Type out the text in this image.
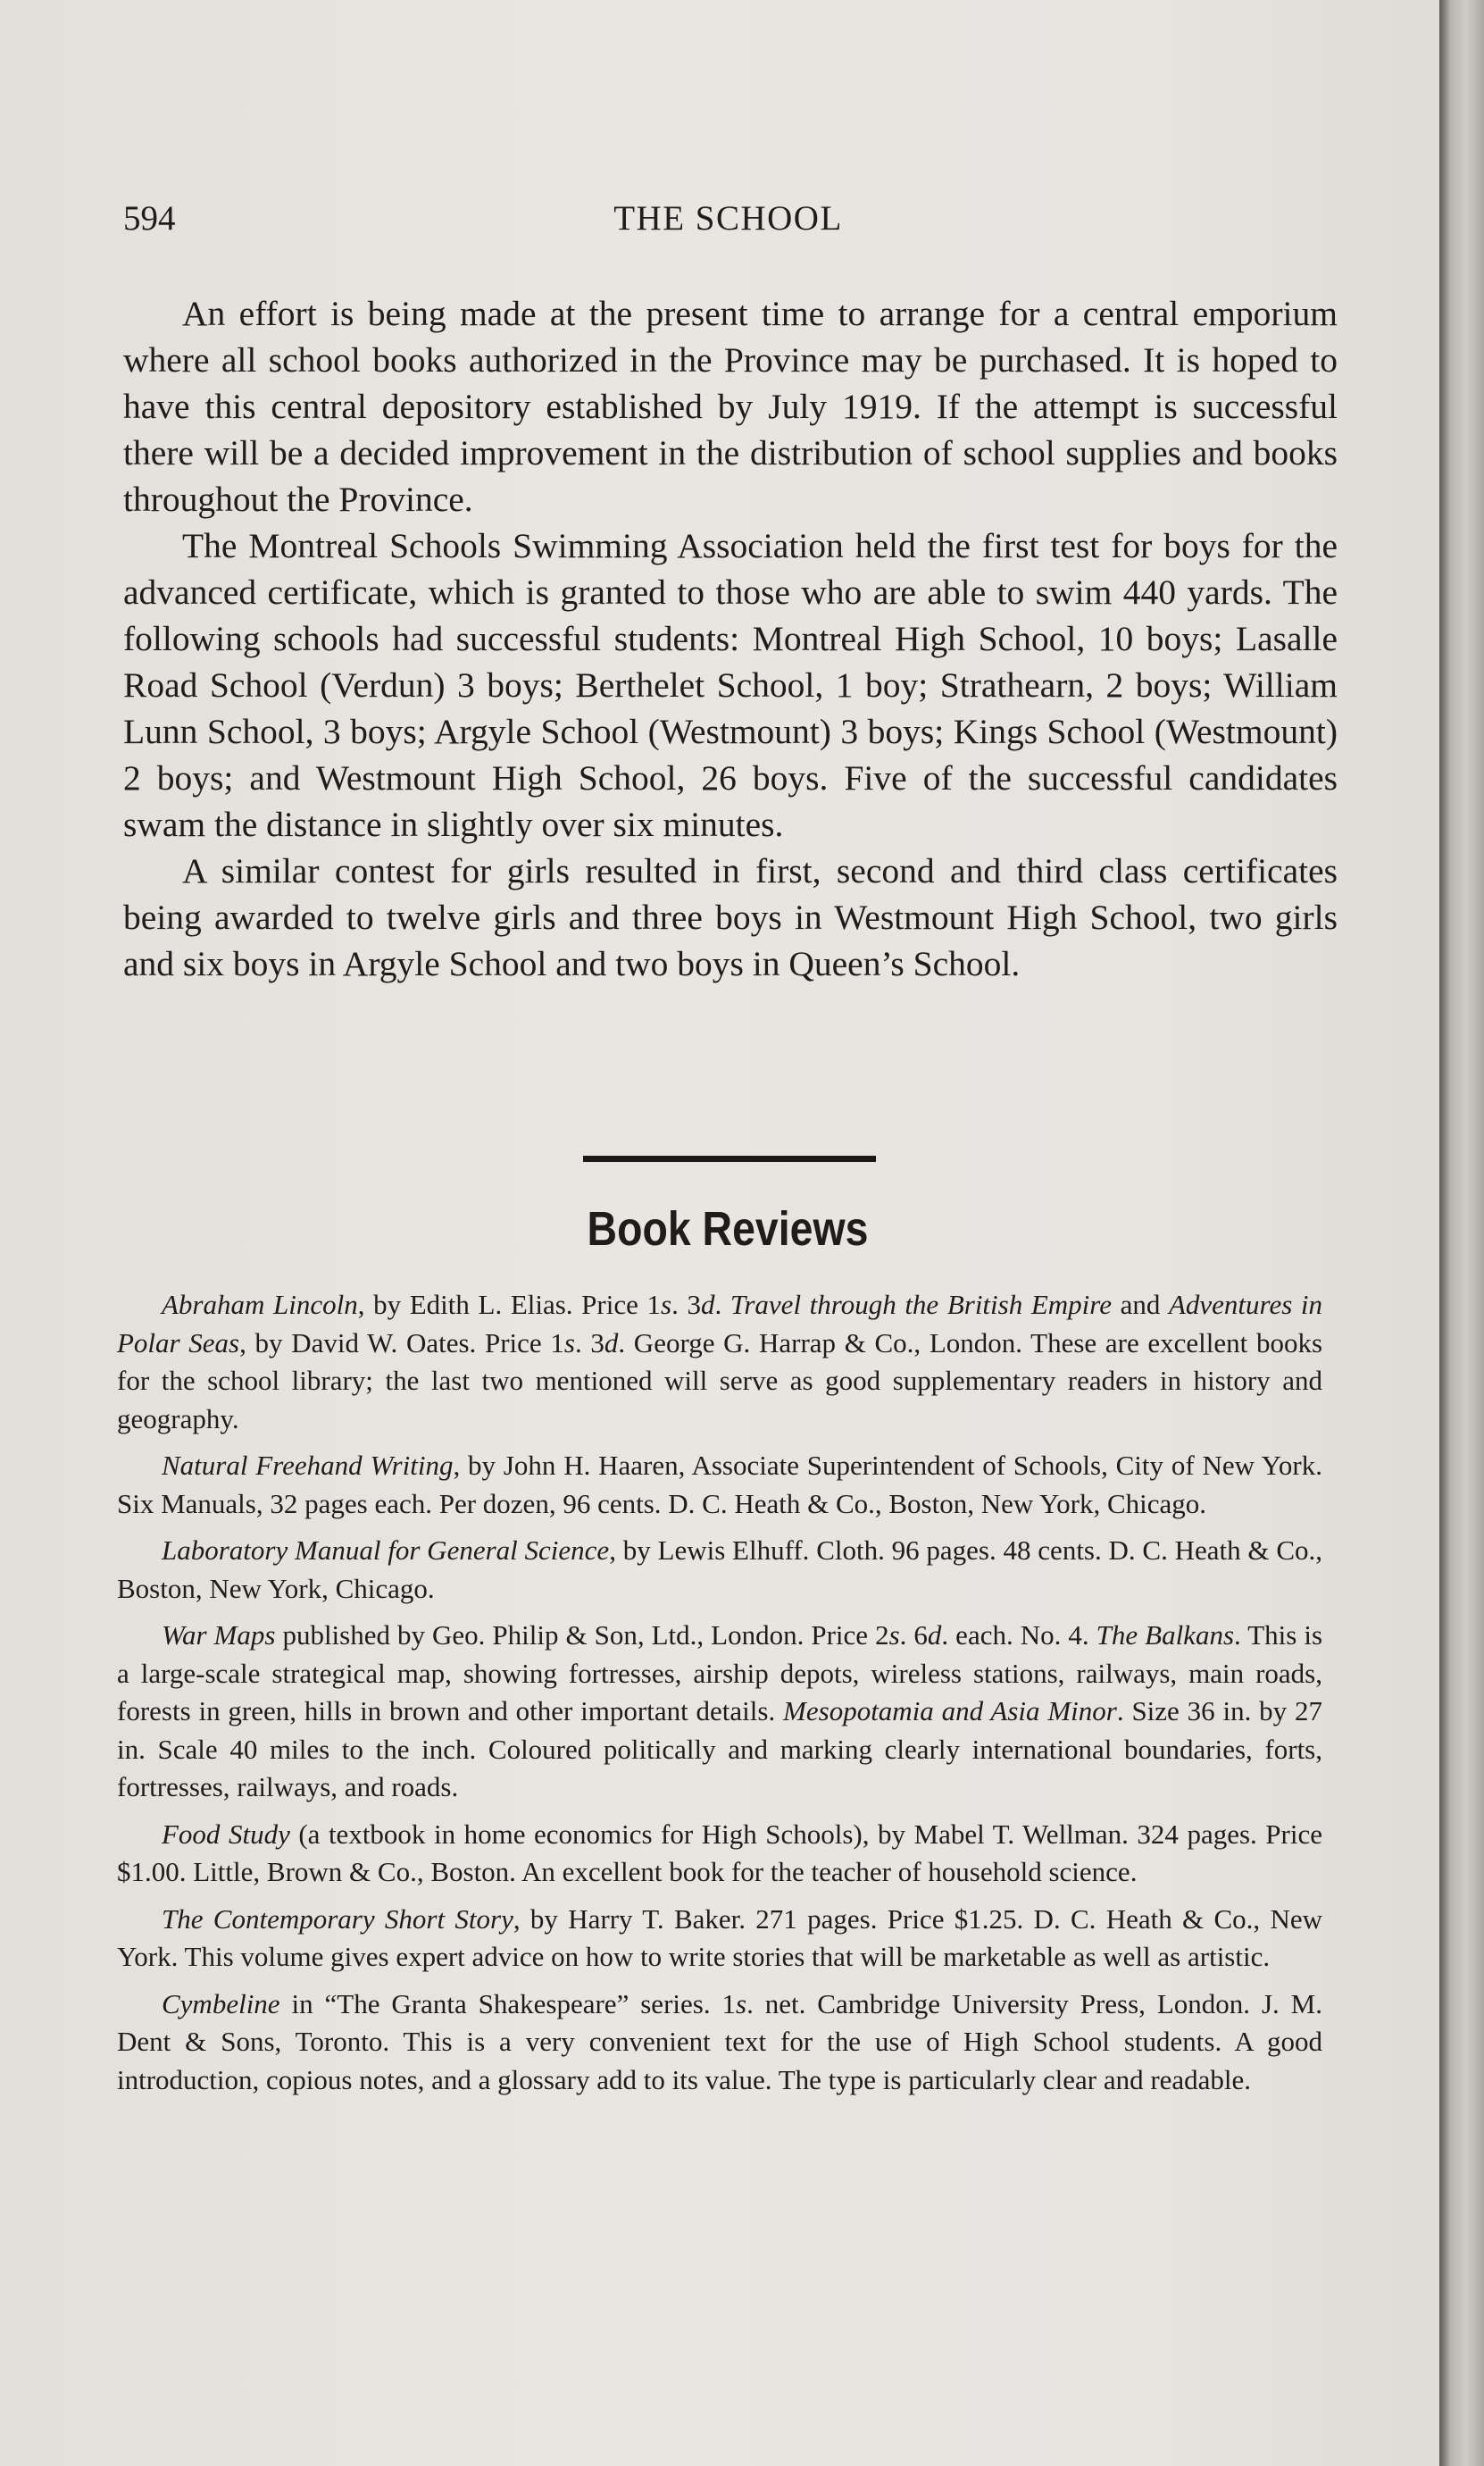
594	THE SCHOOL

An effort is being made at the present time to arrange for a central emporium where all school books authorized in the Province may be purchased. It is hoped to have this central depository established by July 1919. If the attempt is successful there will be a decided improvement in the distribution of school supplies and books throughout the Province.

The Montreal Schools Swimming Association held the first test for boys for the advanced certificate, which is granted to those who are able to swim 440 yards. The following schools had successful students: Montreal High School, 10 boys; Lasalle Road School (Verdun) 3 boys; Berthelet School, 1 boy; Strathearn, 2 boys; William Lunn School, 3 boys; Argyle School (Westmount) 3 boys; Kings School (Westmount) 2 boys; and Westmount High School, 26 boys. Five of the successful candidates swam the distance in slightly over six minutes.

A similar contest for girls resulted in first, second and third class certificates being awarded to twelve girls and three boys in Westmount High School, two girls and six boys in Argyle School and two boys in Queen’s School.

Book Reviews

Abraham Lincoln, by Edith L. Elias. Price 1s. 3d. Travel through the British Empire and Adventures in Polar Seas, by David W. Oates. Price 1s. 3d. George G. Harrap & Co., London. These are excellent books for the school library; the last two mentioned will serve as good supplementary readers in history and geography.

Natural Freehand Writing, by John H. Haaren, Associate Superintendent of Schools, City of New York. Six Manuals, 32 pages each. Per dozen, 96 cents. D. C. Heath & Co., Boston, New York, Chicago.

Laboratory Manual for General Science, by Lewis Elhuff. Cloth. 96 pages. 48 cents. D. C. Heath & Co., Boston, New York, Chicago.

War Maps published by Geo. Philip & Son, Ltd., London. Price 2s. 6d. each. No. 4. The Balkans. This is a large-scale strategical map, showing fortresses, airship depots, wireless stations, railways, main roads, forests in green, hills in brown and other important details. Mesopotamia and Asia Minor. Size 36 in. by 27 in. Scale 40 miles to the inch. Coloured politically and marking clearly international boundaries, forts, fortresses, railways, and roads.

Food Study (a textbook in home economics for High Schools), by Mabel T. Wellman. 324 pages. Price $1.00. Little, Brown & Co., Boston. An excellent book for the teacher of household science.

The Contemporary Short Story, by Harry T. Baker. 271 pages. Price $1.25. D. C. Heath & Co., New York. This volume gives expert advice on how to write stories that will be marketable as well as artistic.

Cymbeline in “The Granta Shakespeare” series. 1s. net. Cambridge University Press, London. J. M. Dent & Sons, Toronto. This is a very convenient text for the use of High School students. A good introduction, copious notes, and a glossary add to its value. The type is particularly clear and readable.
